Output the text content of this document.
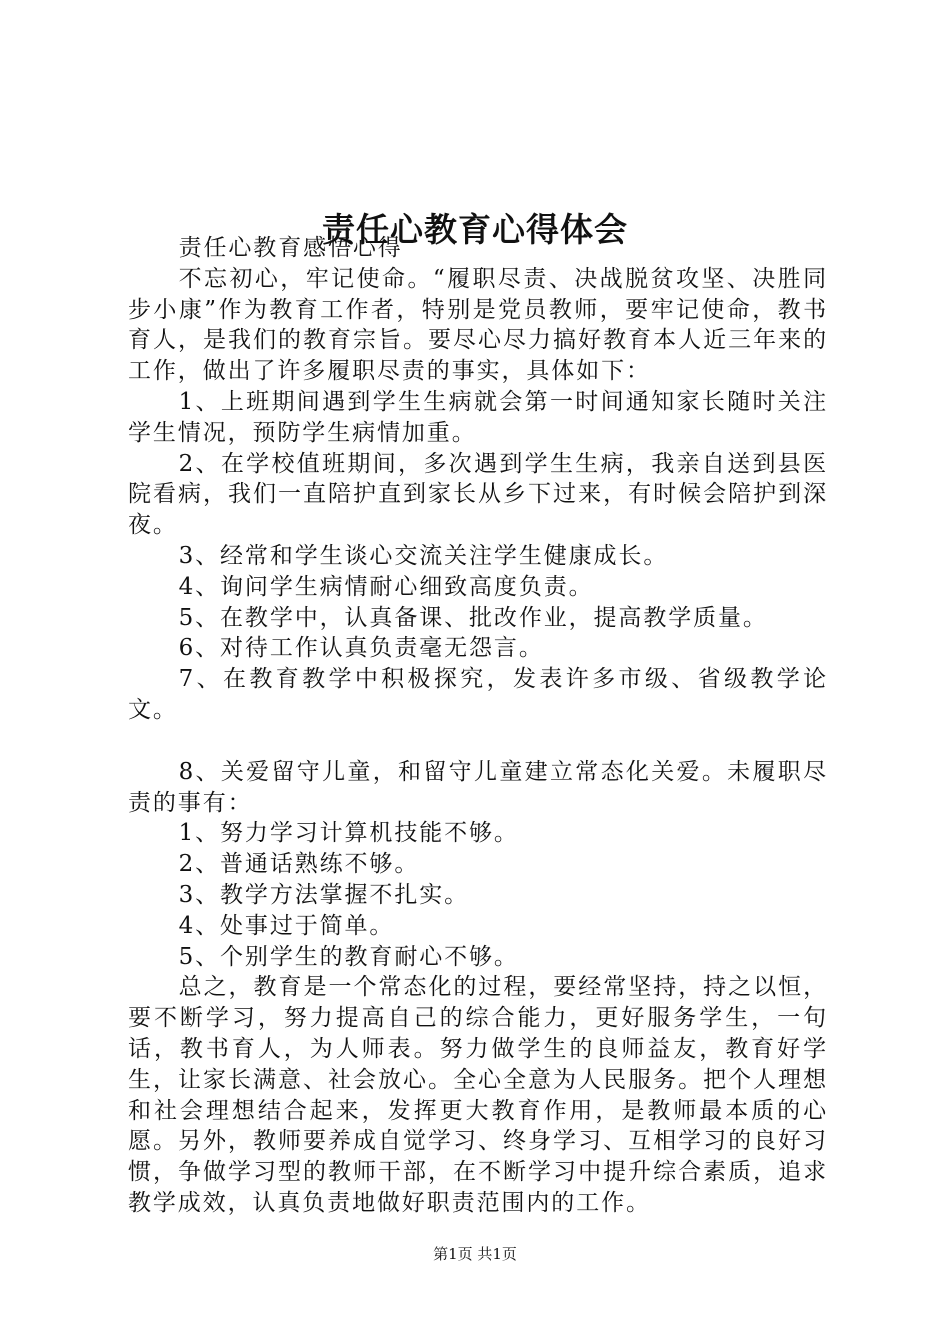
责任心教育心得体会

责任心教育感悟心得

不忘初心，牢记使命。“履职尽责、决战脱贫攻坚、决胜同步小康”作为教育工作者，特别是党员教师，要牢记使命，教书育人，是我们的教育宗旨。要尽心尽力搞好教育本人近三年来的工作，做出了许多履职尽责的事实，具体如下：

1、上班期间遇到学生生病就会第一时间通知家长随时关注学生情况，预防学生病情加重。

2、在学校值班期间，多次遇到学生生病，我亲自送到县医院看病，我们一直陪护直到家长从乡下过来，有时候会陪护到深夜。

3、经常和学生谈心交流关注学生健康成长。

4、询问学生病情耐心细致高度负责。

5、在教学中，认真备课、批改作业，提高教学质量。

6、对待工作认真负责毫无怨言。

7、在教育教学中积极探究，发表许多市级、省级教学论文。

8、关爱留守儿童，和留守儿童建立常态化关爱。未履职尽责的事有：

1、努力学习计算机技能不够。

2、普通话熟练不够。

3、教学方法掌握不扎实。

4、处事过于简单。

5、个别学生的教育耐心不够。

总之，教育是一个常态化的过程，要经常坚持，持之以恒，要不断学习，努力提高自己的综合能力，更好服务学生，一句话，教书育人，为人师表。努力做学生的良师益友，教育好学生，让家长满意、社会放心。全心全意为人民服务。把个人理想和社会理想结合起来，发挥更大教育作用，是教师最本质的心愿。另外，教师要养成自觉学习、终身学习、互相学习的良好习惯，争做学习型的教师干部，在不断学习中提升综合素质，追求教学成效，认真负责地做好职责范围内的工作。

第1页 共1页
